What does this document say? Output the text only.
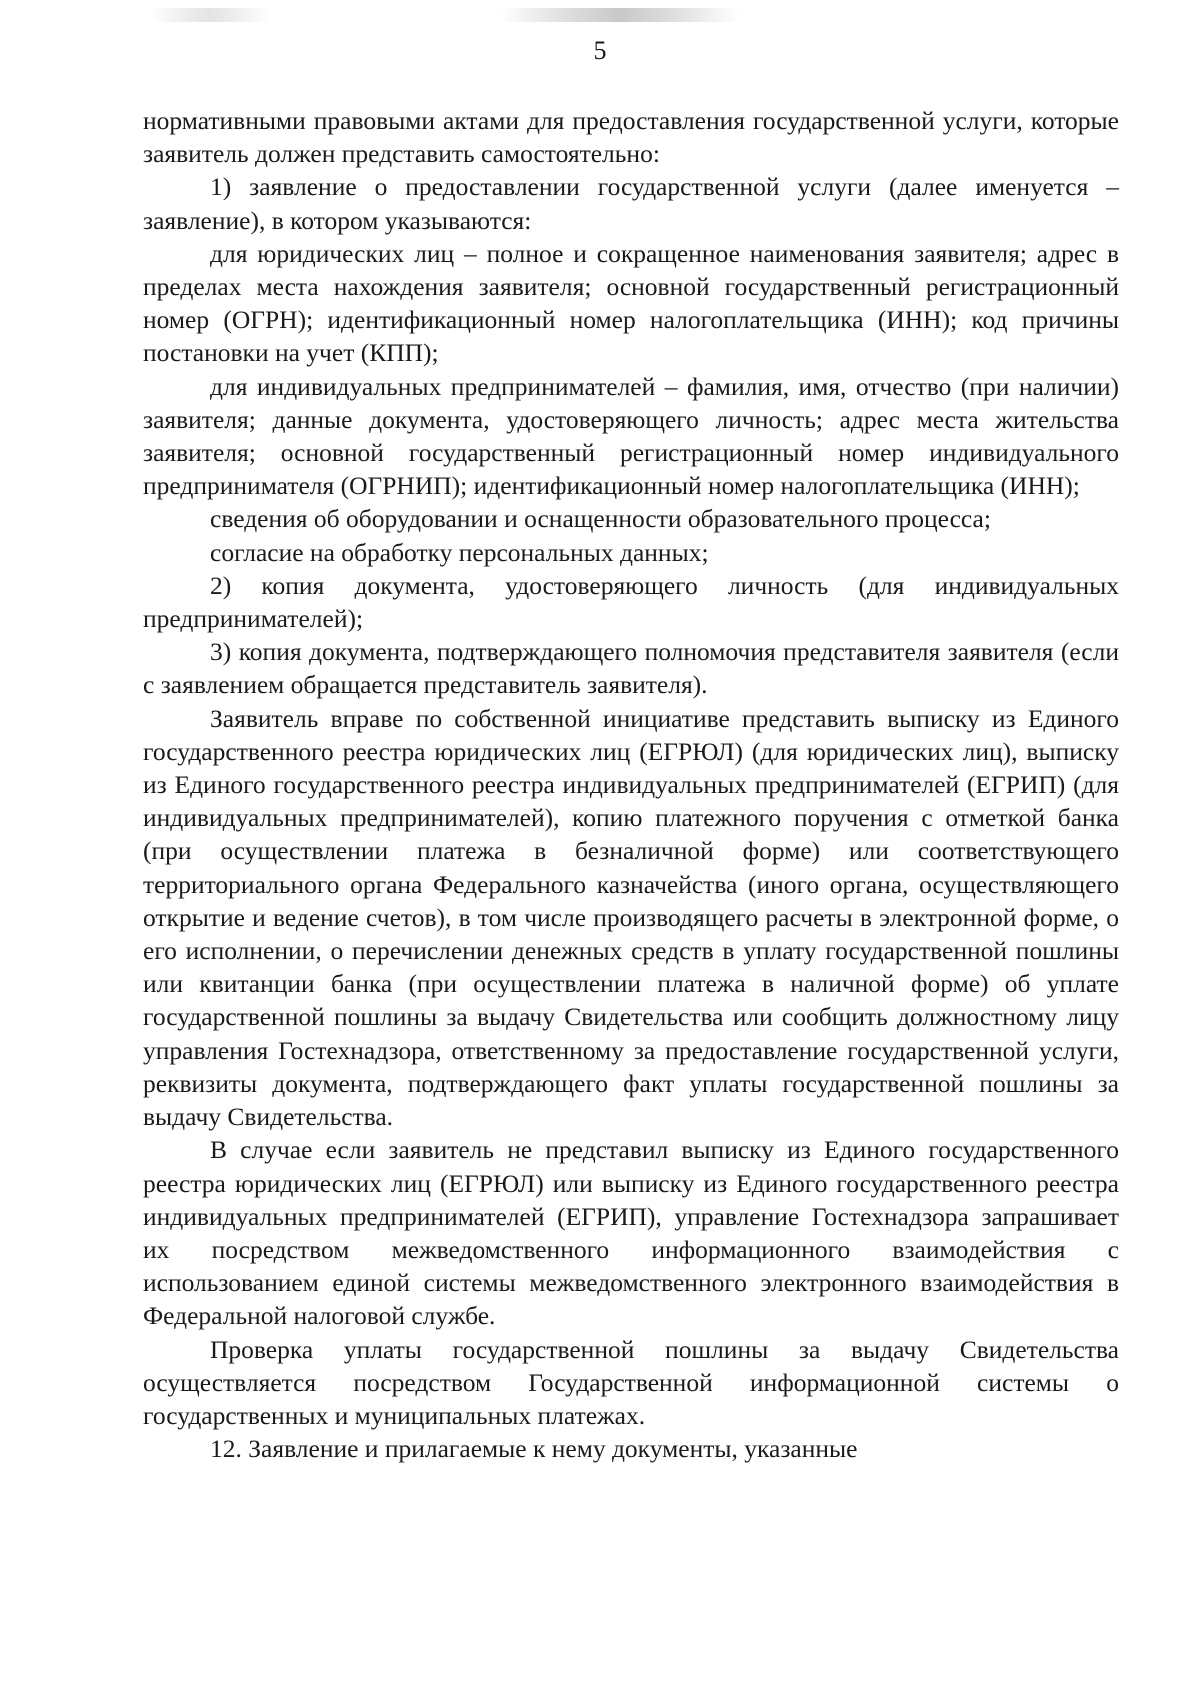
5

нормативными правовыми актами для предоставления государственной услуги, которые заявитель должен представить самостоятельно:

1) заявление о предоставлении государственной услуги (далее именуется – заявление), в котором указываются:

для юридических лиц – полное и сокращенное наименования заявителя; адрес в пределах места нахождения заявителя; основной государственный регистрационный номер (ОГРН); идентификационный номер налогоплательщика (ИНН); код причины постановки на учет (КПП);

для индивидуальных предпринимателей – фамилия, имя, отчество (при наличии) заявителя; данные документа, удостоверяющего личность; адрес места жительства заявителя; основной государственный регистрационный номер индивидуального предпринимателя (ОГРНИП); идентификационный номер налогоплательщика (ИНН);

сведения об оборудовании и оснащенности образовательного процесса;

согласие на обработку персональных данных;

2) копия документа, удостоверяющего личность (для индивидуальных предпринимателей);

3) копия документа, подтверждающего полномочия представителя заявителя (если с заявлением обращается представитель заявителя).

Заявитель вправе по собственной инициативе представить выписку из Единого государственного реестра юридических лиц (ЕГРЮЛ) (для юридических лиц), выписку из Единого государственного реестра индивидуальных предпринимателей (ЕГРИП) (для индивидуальных предпринимателей), копию платежного поручения с отметкой банка (при осуществлении платежа в безналичной форме) или соответствующего территориального органа Федерального казначейства (иного органа, осуществляющего открытие и ведение счетов), в том числе производящего расчеты в электронной форме, о его исполнении, о перечислении денежных средств в уплату государственной пошлины или квитанции банка (при осуществлении платежа в наличной форме) об уплате государственной пошлины за выдачу Свидетельства или сообщить должностному лицу управления Гостехнадзора, ответственному за предоставление государственной услуги, реквизиты документа, подтверждающего факт уплаты государственной пошлины за выдачу Свидетельства.

В случае если заявитель не представил выписку из Единого государственного реестра юридических лиц (ЕГРЮЛ) или выписку из Единого государственного реестра индивидуальных предпринимателей (ЕГРИП), управление Гостехнадзора запрашивает их посредством межведомственного информационного взаимодействия с использованием единой системы межведомственного электронного взаимодействия в Федеральной налоговой службе.

Проверка уплаты государственной пошлины за выдачу Свидетельства осуществляется посредством Государственной информационной системы о государственных и муниципальных платежах.

12. Заявление и прилагаемые к нему документы, указанные
